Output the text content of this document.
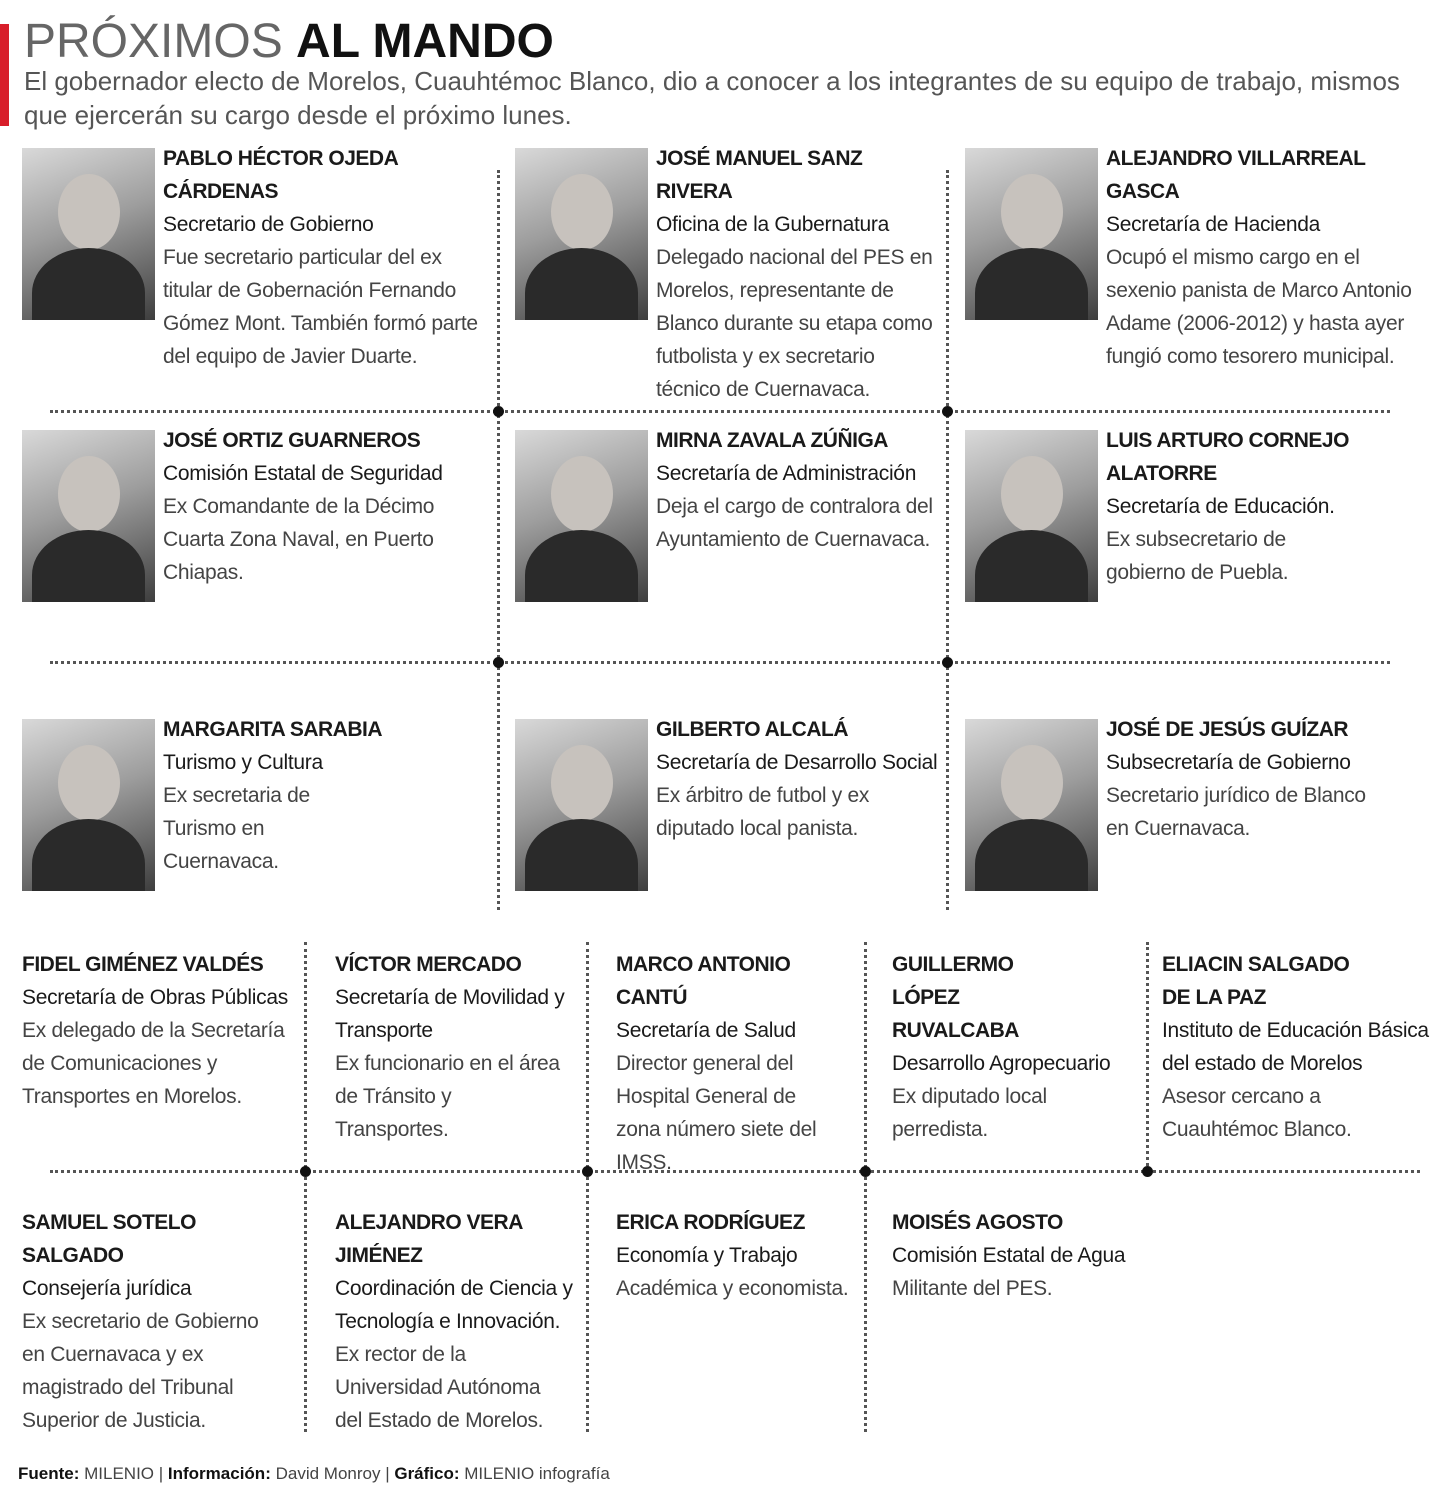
PRÓXIMOS AL MANDO
El gobernador electo de Morelos, Cuauhtémoc Blanco, dio a conocer a los integrantes de su equipo de trabajo, mismos que ejercerán su cargo desde el próximo lunes.
PABLO HÉCTOR OJEDA CÁRDENAS
Secretario de Gobierno
Fue secretario particular del ex titular de Gobernación Fernando Gómez Mont. También formó parte del equipo de Javier Duarte.
JOSÉ MANUEL SANZ RIVERA
Oficina de la Gubernatura
Delegado nacional del PES en Morelos, representante de Blanco durante su etapa como futbolista y ex secretario técnico de Cuernavaca.
ALEJANDRO VILLARREAL GASCA
Secretaría de Hacienda
Ocupó el mismo cargo en el sexenio panista de Marco Antonio Adame (2006-2012) y hasta ayer fungió como tesorero municipal.
JOSÉ ORTIZ GUARNEROS
Comisión Estatal de Seguridad
Ex Comandante de la Décimo Cuarta Zona Naval, en Puerto Chiapas.
MIRNA ZAVALA ZÚÑIGA
Secretaría de Administración
Deja el cargo de contralora del Ayuntamiento de Cuernavaca.
LUIS ARTURO CORNEJO ALATORRE
Secretaría de Educación.
Ex subsecretario de gobierno de Puebla.
MARGARITA SARABIA
Turismo y Cultura
Ex secretaria de Turismo en Cuernavaca.
GILBERTO ALCALÁ
Secretaría de Desarrollo Social
Ex árbitro de futbol y ex diputado local panista.
JOSÉ DE JESÚS GUÍZAR
Subsecretaría de Gobierno
Secretario jurídico de Blanco en Cuernavaca.
FIDEL GIMÉNEZ VALDÉS
Secretaría de Obras Públicas
Ex delegado de la Secretaría de Comunicaciones y Transportes en Morelos.
VÍCTOR MERCADO
Secretaría de Movilidad y Transporte
Ex funcionario en el área de Tránsito y Transportes.
MARCO ANTONIO CANTÚ
Secretaría de Salud
Director general del Hospital General de zona número siete del IMSS.
GUILLERMO LÓPEZ RUVALCABA
Desarrollo Agropecuario
Ex diputado local perredista.
ELIACIN SALGADO DE LA PAZ
Instituto de Educación Básica del estado de Morelos
Asesor cercano a Cuauhtémoc Blanco.
SAMUEL SOTELO SALGADO
Consejería jurídica
Ex secretario de Gobierno en Cuernavaca y ex magistrado del Tribunal Superior de Justicia.
ALEJANDRO VERA JIMÉNEZ
Coordinación de Ciencia y Tecnología e Innovación.
Ex rector de la Universidad Autónoma del Estado de Morelos.
ERICA RODRÍGUEZ
Economía y Trabajo
Académica y economista.
MOISÉS AGOSTO
Comisión Estatal de Agua
Militante del PES.
Fuente: MILENIO | Información: David Monroy | Gráfico: MILENIO infografía
